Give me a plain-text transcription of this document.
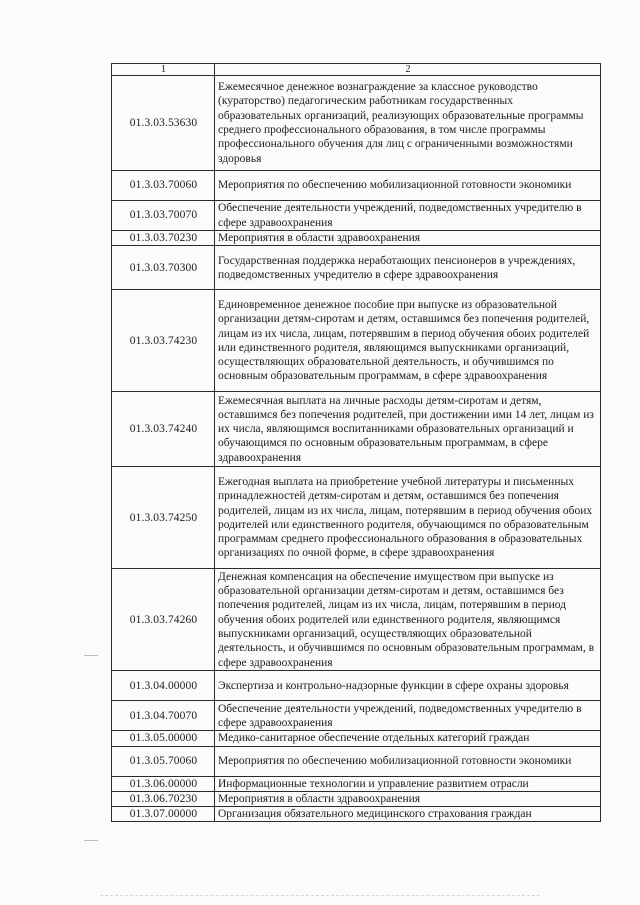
1	2
01.3.03.53630	Ежемесячное денежное вознаграждение за классное руководство (кураторство) педагогическим работникам государственных образовательных организаций, реализующих образовательные программы среднего профессионального образования, в том числе программы профессионального обучения для лиц с ограниченными возможностями здоровья
01.3.03.70060	Мероприятия по обеспечению мобилизационной готовности экономики
01.3.03.70070	Обеспечение деятельности учреждений, подведомственных учредителю в сфере здравоохранения
01.3.03.70230	Мероприятия в области здравоохранения
01.3.03.70300	Государственная поддержка неработающих пенсионеров в учреждениях, подведомственных учредителю в сфере здравоохранения
01.3.03.74230	Единовременное денежное пособие при выпуске из образовательной организации детям-сиротам и детям, оставшимся без попечения родителей, лицам из их числа, лицам, потерявшим в период обучения обоих родителей или единственного родителя, являющимся выпускниками организаций, осуществляющих образовательной деятельность, и обучившимся по основным образовательным программам, в сфере здравоохранения
01.3.03.74240	Ежемесячная выплата на личные расходы детям-сиротам и детям, оставшимся без попечения родителей, при достижении ими 14 лет, лицам из их числа, являющимся воспитанниками образовательных организаций и обучающимся по основным образовательным программам, в сфере здравоохранения
01.3.03.74250	Ежегодная выплата на приобретение учебной литературы и письменных принадлежностей детям-сиротам и детям, оставшимся без попечения родителей, лицам из их числа, лицам, потерявшим в период обучения обоих родителей или единственного родителя, обучающимся по образовательным программам среднего профессионального образования в образовательных организациях по очной форме, в сфере здравоохранения
01.3.03.74260	Денежная компенсация на обеспечение имуществом при выпуске из образовательной организации детям-сиротам и детям, оставшимся без попечения родителей, лицам из их числа, лицам, потерявшим в период обучения обоих родителей или единственного родителя, являющимся выпускниками организаций, осуществляющих образовательной деятельность, и обучившимся по основным образовательным программам, в сфере здравоохранения
01.3.04.00000	Экспертиза и контрольно-надзорные функции в сфере охраны здоровья
01.3.04.70070	Обеспечение деятельности учреждений, подведомственных учредителю в сфере здравоохранения
01.3.05.00000	Медико-санитарное обеспечение отдельных категорий граждан
01.3.05.70060	Мероприятия по обеспечению мобилизационной готовности экономики
01.3.06.00000	Информационные технологии и управление развитием отрасли
01.3.06.70230	Мероприятия в области здравоохранения
01.3.07.00000	Организация обязательного медицинского страхования граждан
